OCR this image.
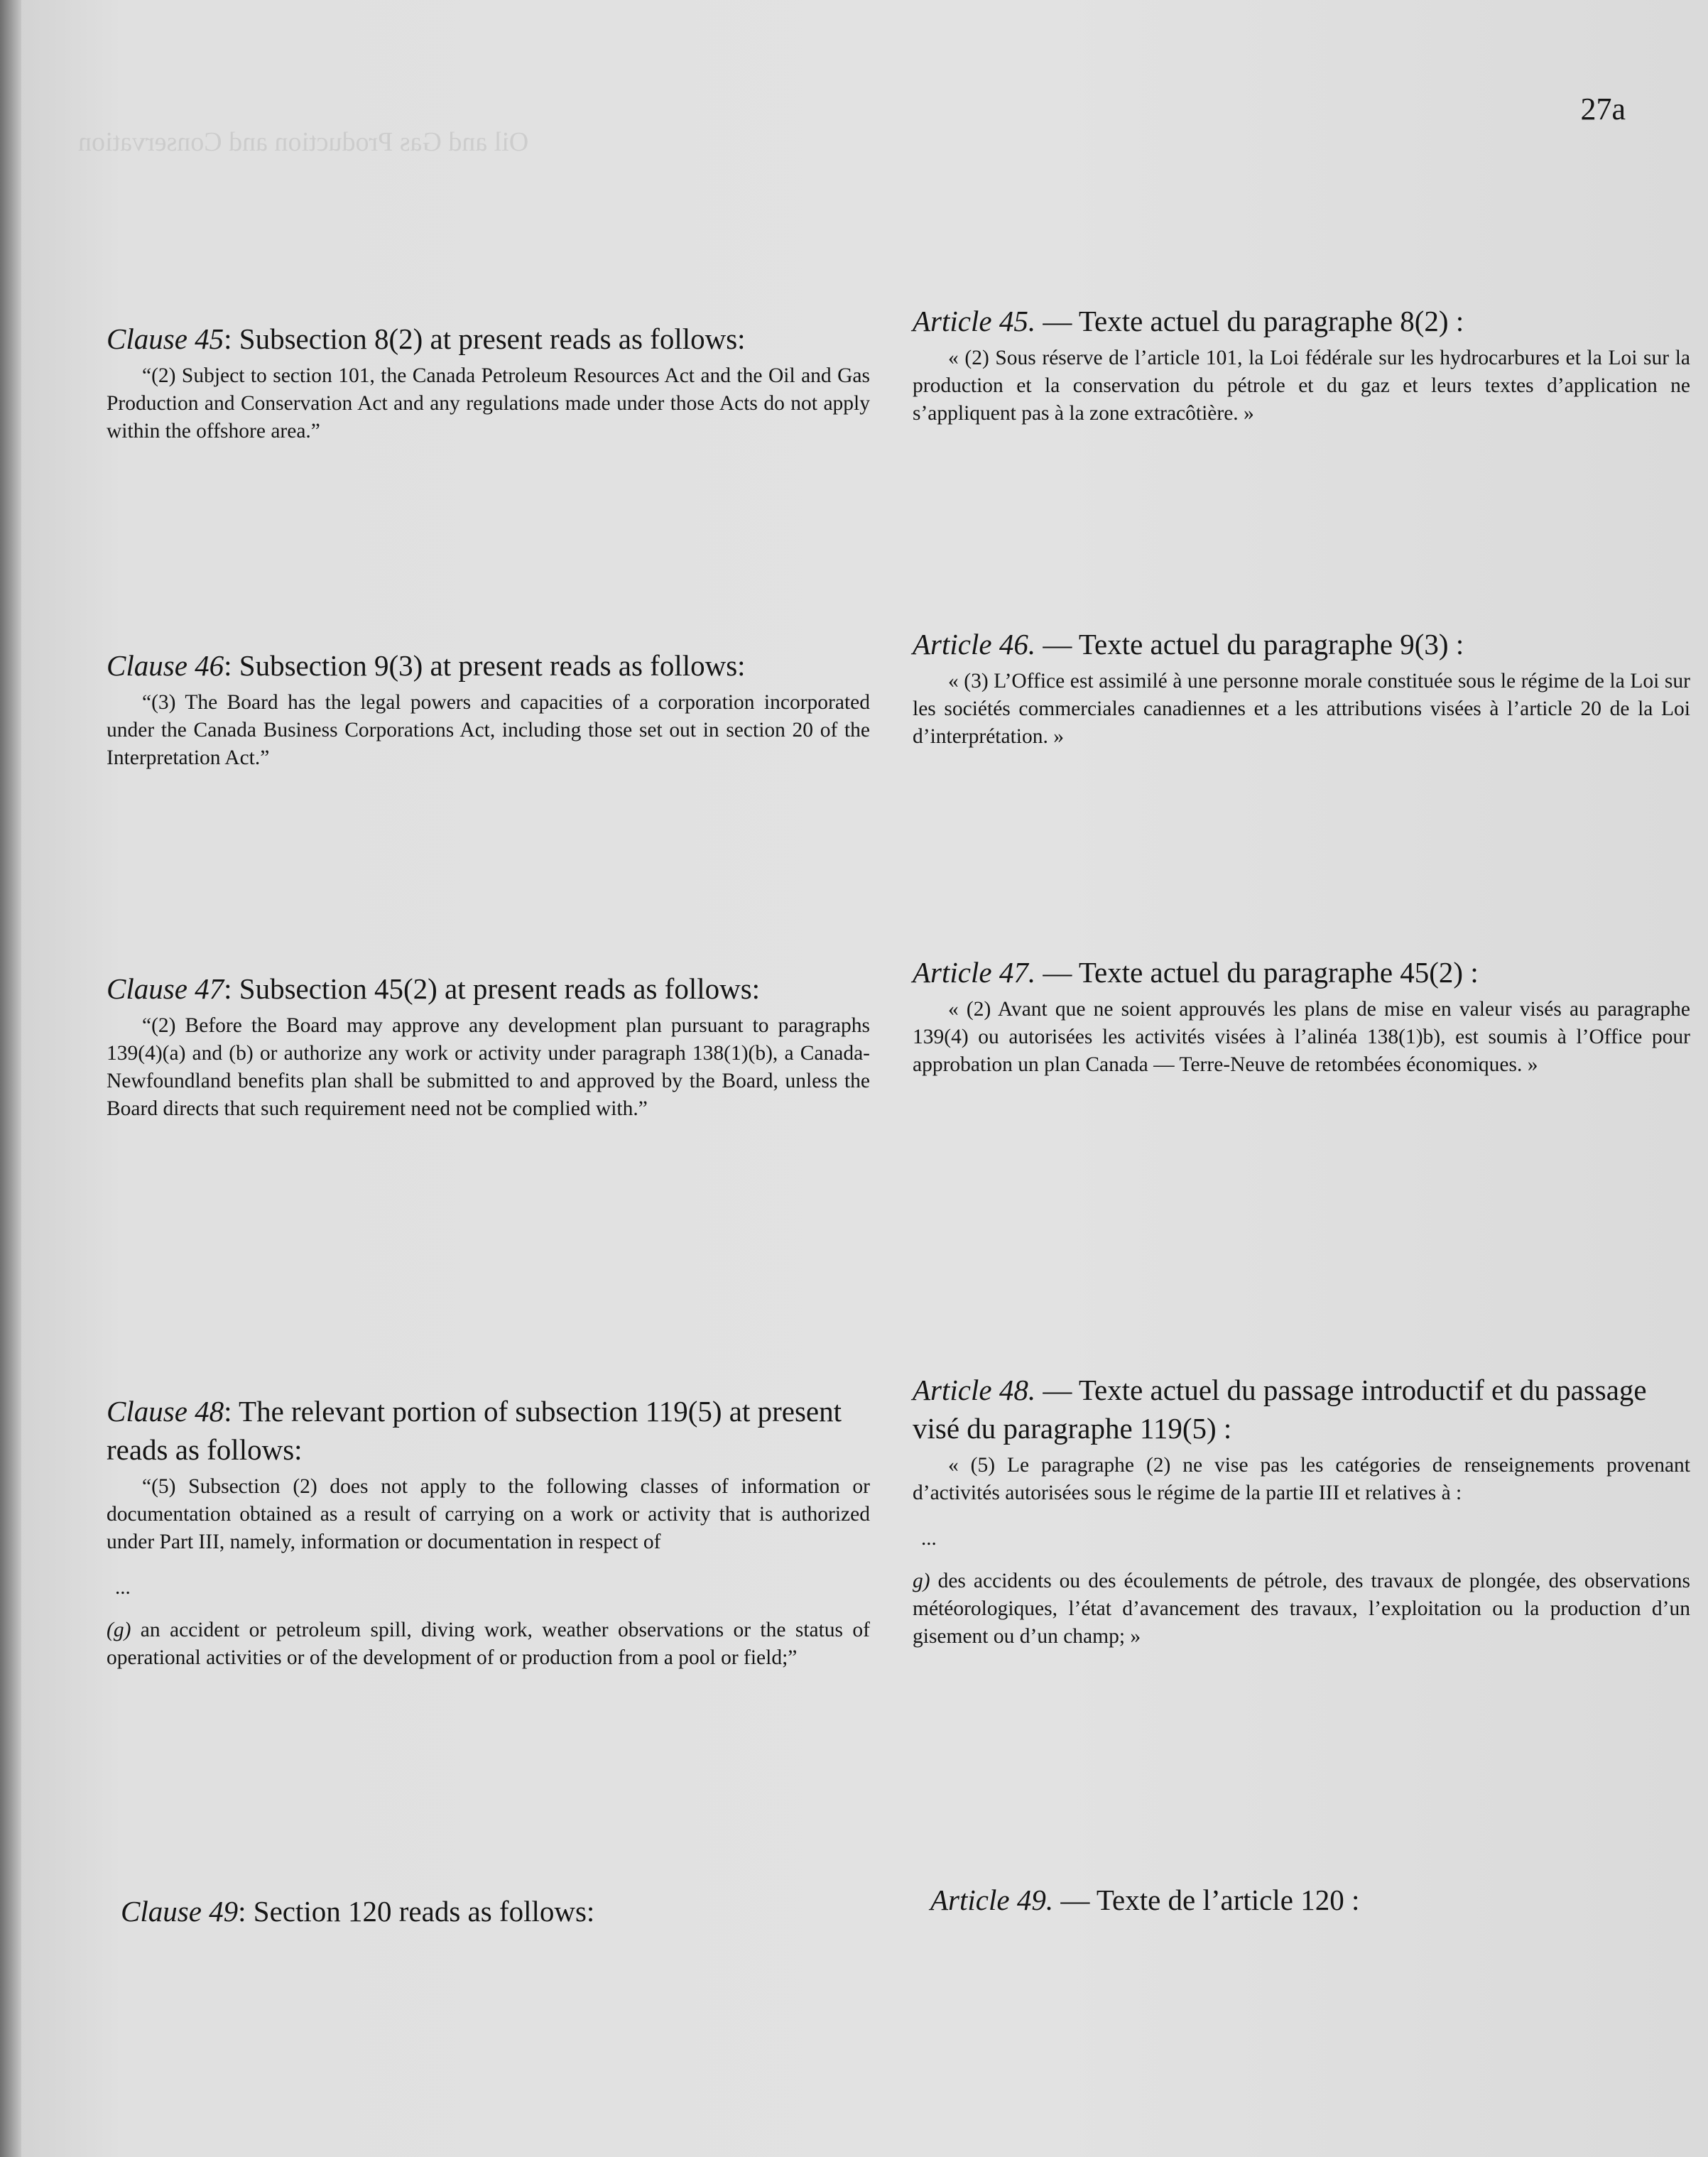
Oil and Gas Production and Conservation
27a

Clause 45: Subsection 8(2) at present reads as follows:

“(2) Subject to section 101, the Canada Petroleum Resources Act and the Oil and Gas Production and Conservation Act and any regulations made under those Acts do not apply within the offshore area.”

Article 45. — Texte actuel du paragraphe 8(2) :

« (2) Sous réserve de l’article 101, la Loi fédérale sur les hydrocarbures et la Loi sur la production et la conservation du pétrole et du gaz et leurs textes d’application ne s’appliquent pas à la zone extracôtière. »

Clause 46: Subsection 9(3) at present reads as follows:

“(3) The Board has the legal powers and capacities of a corporation incorporated under the Canada Business Corporations Act, including those set out in section 20 of the Interpretation Act.”

Article 46. — Texte actuel du paragraphe 9(3) :

« (3) L’Office est assimilé à une personne morale constituée sous le régime de la Loi sur les sociétés commerciales canadiennes et a les attributions visées à l’article 20 de la Loi d’interprétation. »

Clause 47: Subsection 45(2) at present reads as follows:

“(2) Before the Board may approve any development plan pursuant to paragraphs 139(4)(a) and (b) or authorize any work or activity under paragraph 138(1)(b), a Canada-Newfoundland benefits plan shall be submitted to and approved by the Board, unless the Board directs that such requirement need not be complied with.”

Article 47. — Texte actuel du paragraphe 45(2) :

« (2) Avant que ne soient approuvés les plans de mise en valeur visés au paragraphe 139(4) ou autorisées les activités visées à l’alinéa 138(1)b), est soumis à l’Office pour approbation un plan Canada — Terre-Neuve de retombées économiques. »

Clause 48: The relevant portion of subsection 119(5) at present reads as follows:

“(5) Subsection (2) does not apply to the following classes of information or documentation obtained as a result of carrying on a work or activity that is authorized under Part III, namely, information or documentation in respect of

...

(g) an accident or petroleum spill, diving work, weather observations or the status of operational activities or of the development of or production from a pool or field;”

Article 48. — Texte actuel du passage introductif et du passage visé du paragraphe 119(5) :

« (5) Le paragraphe (2) ne vise pas les catégories de renseignements provenant d’activités autorisées sous le régime de la partie III et relatives à :

...

g) des accidents ou des écoulements de pétrole, des travaux de plongée, des observations météorologiques, l’état d’avancement des travaux, l’exploitation ou la production d’un gisement ou d’un champ; »

Clause 49: Section 120 reads as follows:	Article 49. — Texte de l’article 120 :
